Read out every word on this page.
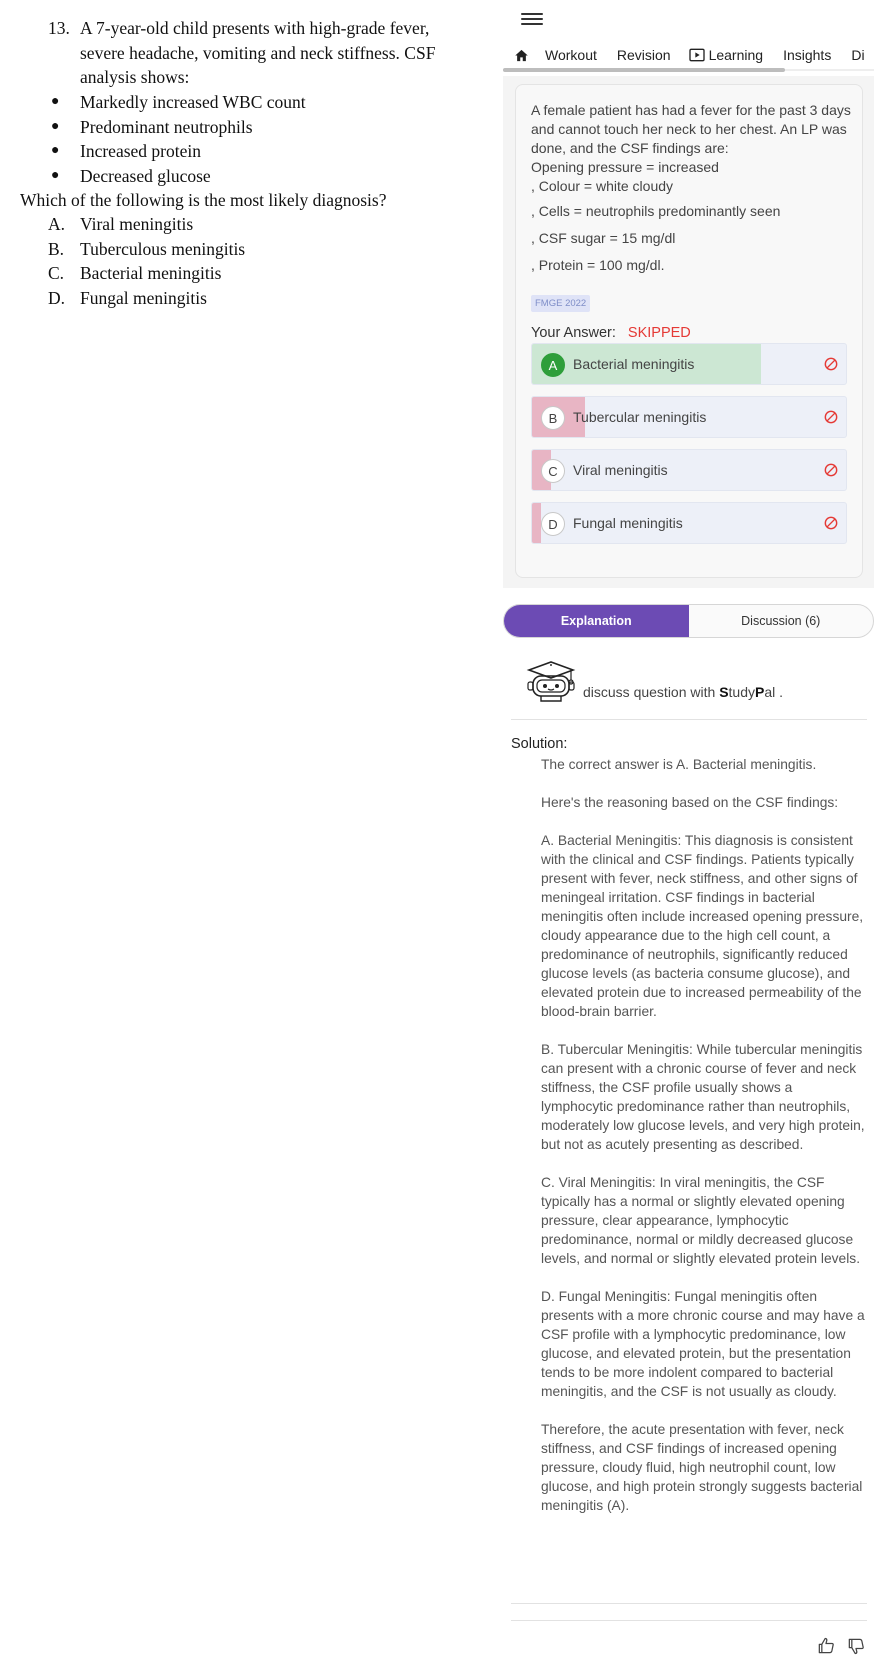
13. A 7-year-old child presents with high-grade fever, severe headache, vomiting and neck stiffness. CSF analysis shows:
●	Markedly increased WBC count
●	Predominant neutrophils
●	Increased protein
●	Decreased glucose
Which of the following is the most likely diagnosis?
A. Viral meningitis
B. Tuberculous meningitis
C. Bacterial meningitis
D. Fungal meningitis
Workout Revision	Learning Insights Di

A female patient has had a fever for the past 3 days and cannot touch her neck to her chest. An LP was done, and the CSF findings are:

Opening pressure = increased

, Colour = white cloudy

, Cells = neutrophils predominantly seen

, CSF sugar = 15 mg/dl

, Protein = 100 mg/dl.

FMGE 2022
Your Answer: SKIPPED
A	Bacterial meningitis
B	Tubercular meningitis
C	Viral meningitis
D	Fungal meningitis
Explanation	Discussion (6)
discuss question with StudyPal .
Solution:

The correct answer is A. Bacterial meningitis.

Here's the reasoning based on the CSF findings:

A. Bacterial Meningitis: This diagnosis is consistent with the clinical and CSF findings. Patients typically present with fever, neck stiffness, and other signs of meningeal irritation. CSF findings in bacterial meningitis often include increased opening pressure, cloudy appearance due to the high cell count, a predominance of neutrophils, significantly reduced glucose levels (as bacteria consume glucose), and elevated protein due to increased permeability of the blood-brain barrier.

B. Tubercular Meningitis: While tubercular meningitis can present with a chronic course of fever and neck stiffness, the CSF profile usually shows a lymphocytic predominance rather than neutrophils, moderately low glucose levels, and very high protein, but not as acutely presenting as described.

C. Viral Meningitis: In viral meningitis, the CSF typically has a normal or slightly elevated opening pressure, clear appearance, lymphocytic predominance, normal or mildly decreased glucose levels, and normal or slightly elevated protein levels.

D. Fungal Meningitis: Fungal meningitis often presents with a more chronic course and may have a CSF profile with a lymphocytic predominance, low glucose, and elevated protein, but the presentation tends to be more indolent compared to bacterial meningitis, and the CSF is not usually as cloudy.

Therefore, the acute presentation with fever, neck stiffness, and CSF findings of increased opening pressure, cloudy fluid, high neutrophil count, low glucose, and high protein strongly suggests bacterial meningitis (A).
